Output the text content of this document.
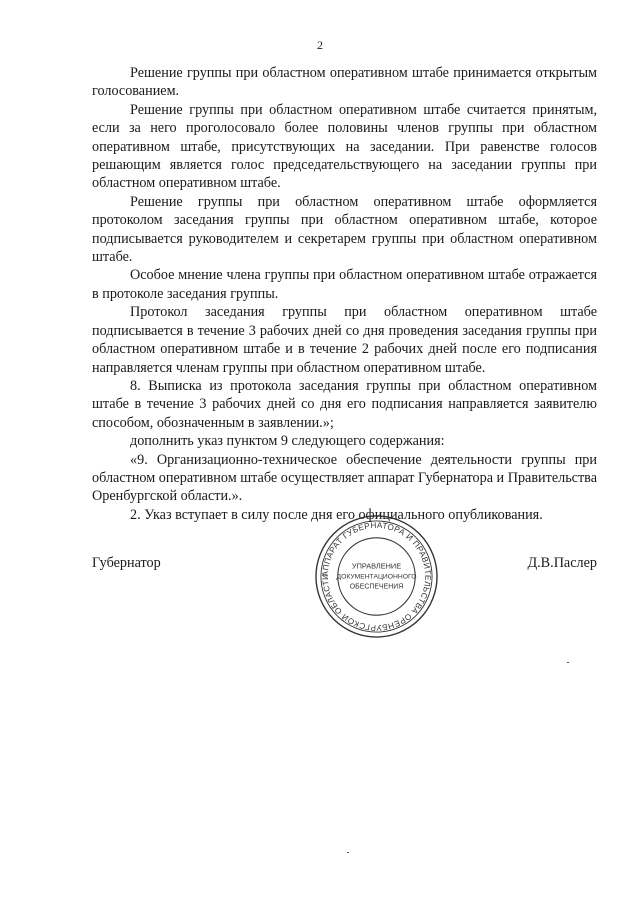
2

Решение группы при областном оперативном штабе принимается открытым голосованием.

Решение группы при областном оперативном штабе считается принятым, если за него проголосовало более половины членов группы при областном оперативном штабе, присутствующих на заседании. При равенстве голосов решающим является голос председательствующего на заседании группы при областном оперативном штабе.

Решение группы при областном оперативном штабе оформляется протоколом заседания группы при областном оперативном штабе, которое подписывается руководителем и секретарем группы при областном оперативном штабе.

Особое мнение члена группы при областном оперативном штабе отражается в протоколе заседания группы.

Протокол заседания группы при областном оперативном штабе подписывается в течение 3 рабочих дней со дня проведения заседания группы при областном оперативном штабе и в течение 2 рабочих дней после его подписания направляется членам группы при областном оперативном штабе.

8. Выписка из протокола заседания группы при областном оперативном штабе в течение 3 рабочих дней со дня его подписания направляется заявителю способом, обозначенным в заявлении.»;

дополнить указ пунктом 9 следующего содержания:

«9. Организационно-техническое обеспечение деятельности группы при областном оперативном штабе осуществляет аппарат Губернатора и Правительства Оренбургской области.».

2. Указ вступает в силу после дня его официального опубликования.

Губернатор	Д.В.Паслер
АППАРАТ ГУБЕРНАТОРА И ПРАВИТЕЛЬСТВА ОРЕНБУРГСКОЙ ОБЛАСТИ
УПРАВЛЕНИЕ
ДОКУМЕНТАЦИОННОГО
ОБЕСПЕЧЕНИЯ
